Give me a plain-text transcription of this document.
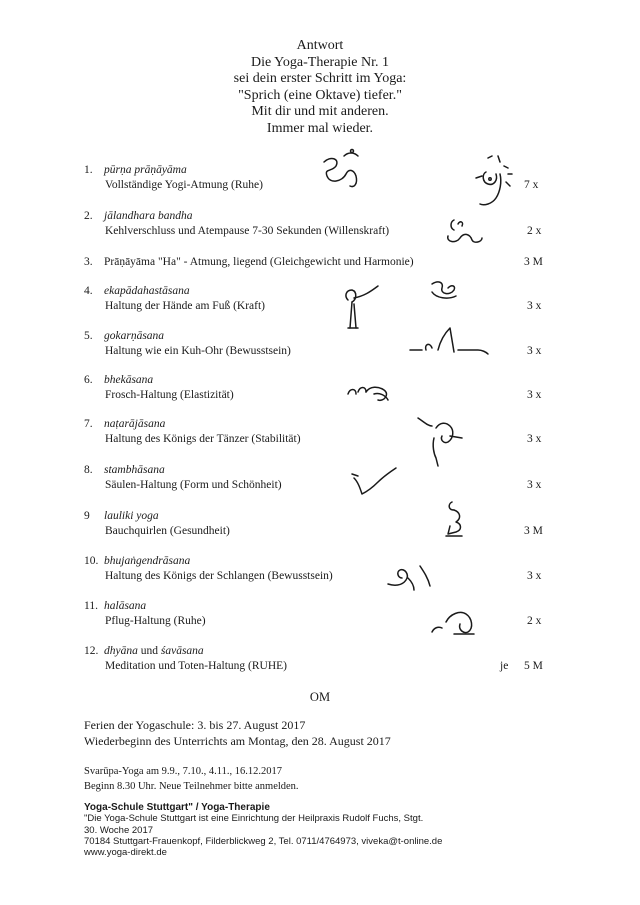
Antwort
Die Yoga-Therapie Nr. 1
sei dein erster Schritt im Yoga:
"Sprich (eine Oktave) tiefer."
Mit dir und mit anderen.
Immer mal wieder.
1. pūrṇa prāṇāyāma
Vollständige Yogi-Atmung (Ruhe)	7 x
2. jālandhara bandha
Kehlverschluss und Atempause 7-30 Sekunden (Willenskraft)	2 x
3. Prāṇāyāma "Ha" - Atmung, liegend (Gleichgewicht und Harmonie)	3 M
4. ekapādahastāsana
Haltung der Hände am Fuß (Kraft)	3 x
5. gokarṇāsana
Haltung wie ein Kuh-Ohr (Bewusstsein)	3 x
6. bhekāsana
Frosch-Haltung (Elastizität)	3 x
7. naṭarājāsana
Haltung des Königs der Tänzer (Stabilität)	3 x
8. stambhāsana
Säulen-Haltung (Form und Schönheit)	3 x
9 lauliki yoga
Bauchquirlen (Gesundheit)	3 M
10. bhujaṅgendrāsana
Haltung des Königs der Schlangen (Bewusstsein)	3 x
11. halāsana
Pflug-Haltung (Ruhe)	2 x
12. dhyāna und śavāsana
Meditation und Toten-Haltung (RUHE)	je 5 M
OM
Ferien der Yogaschule: 3. bis 27. August 2017
Wiederbeginn des Unterrichts am Montag, den 28. August 2017
Svarūpa-Yoga am 9.9., 7.10., 4.11., 16.12.2017
Beginn 8.30 Uhr. Neue Teilnehmer bitte anmelden.
Yoga-Schule Stuttgart" / Yoga-Therapie
"Die Yoga-Schule Stuttgart ist eine Einrichtung der Heilpraxis Rudolf Fuchs, Stgt.
30. Woche 2017
70184 Stuttgart-Frauenkopf, Filderblickweg 2, Tel. 0711/4764973, viveka@t-online.de
www.yoga-direkt.de
